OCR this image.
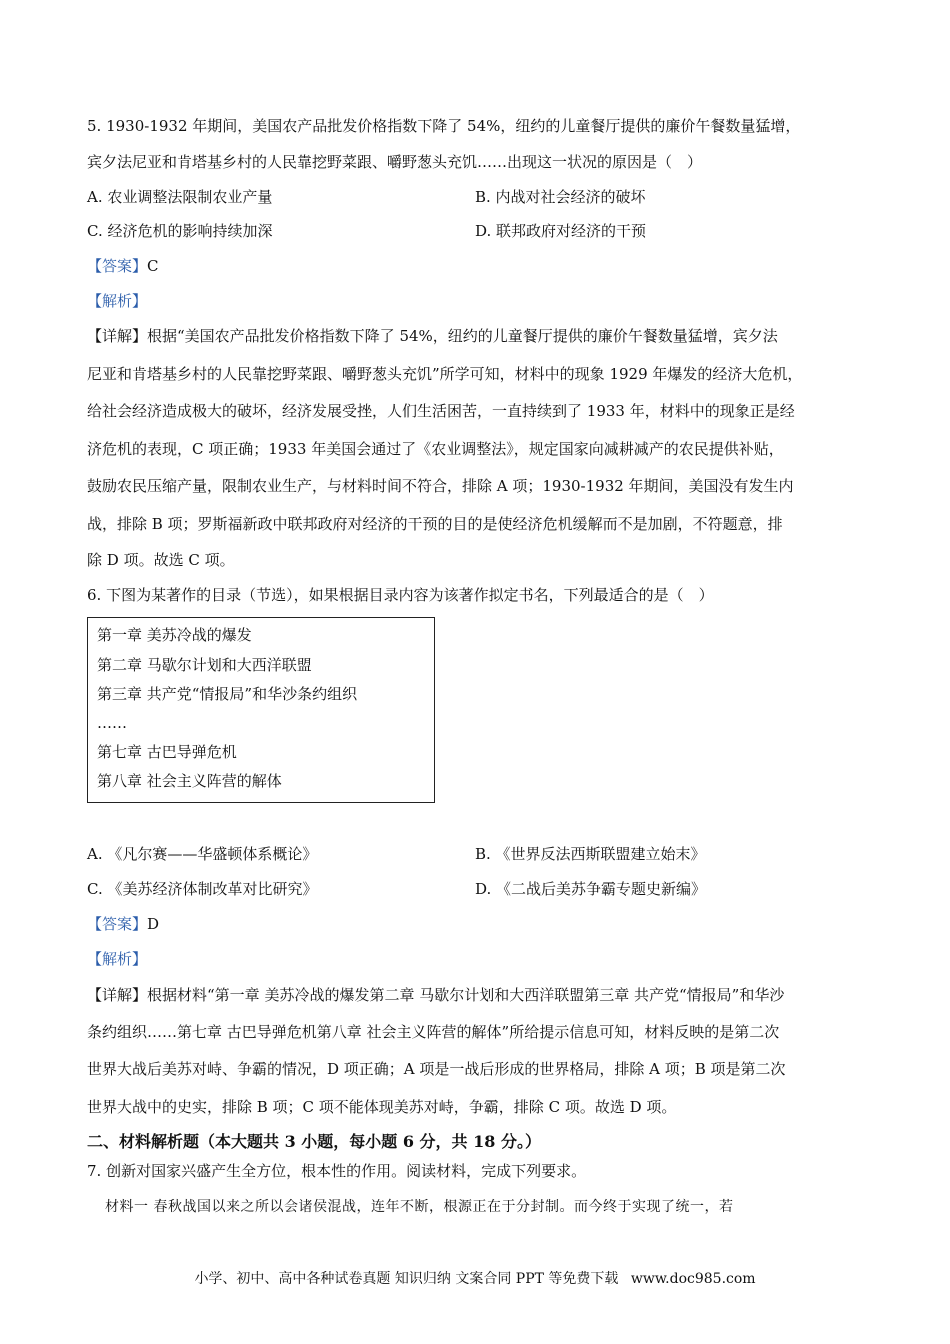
5. 1930-1932 年期间，美国农产品批发价格指数下降了 54%，纽约的儿童餐厅提供的廉价午餐数量猛增，
宾夕法尼亚和肯塔基乡村的人民靠挖野菜跟、嚼野葱头充饥……出现这一状况的原因是（　）
A. 农业调整法限制农业产量	B. 内战对社会经济的破坏
C. 经济危机的影响持续加深	D. 联邦政府对经济的干预
【答案】C
【解析】
【详解】根据“美国农产品批发价格指数下降了 54%，纽约的儿童餐厅提供的廉价午餐数量猛增，宾夕法
尼亚和肯塔基乡村的人民靠挖野菜跟、嚼野葱头充饥”所学可知，材料中的现象 1929 年爆发的经济大危机，
给社会经济造成极大的破坏，经济发展受挫，人们生活困苦，一直持续到了 1933 年，材料中的现象正是经
济危机的表现，C 项正确；1933 年美国会通过了《农业调整法》，规定国家向减耕减产的农民提供补贴，
鼓励农民压缩产量，限制农业生产，与材料时间不符合，排除 A 项；1930-1932 年期间，美国没有发生内
战，排除 B 项；罗斯福新政中联邦政府对经济的干预的目的是使经济危机缓解而不是加剧，不符题意，排
除 D 项。故选 C 项。
6. 下图为某著作的目录（节选），如果根据目录内容为该著作拟定书名，下列最适合的是（　）
第一章 美苏冷战的爆发
第二章 马歇尔计划和大西洋联盟
第三章 共产党“情报局”和华沙条约组织
……
第七章 古巴导弹危机
第八章 社会主义阵营的解体
A. 《凡尔赛——华盛顿体系概论》	B. 《世界反法西斯联盟建立始末》
C. 《美苏经济体制改革对比研究》	D. 《二战后美苏争霸专题史新编》
【答案】D
【解析】
【详解】根据材料“第一章 美苏冷战的爆发第二章 马歇尔计划和大西洋联盟第三章 共产党“情报局”和华沙
条约组织……第七章 古巴导弹危机第八章 社会主义阵营的解体”所给提示信息可知，材料反映的是第二次
世界大战后美苏对峙、争霸的情况，D 项正确；A 项是一战后形成的世界格局，排除 A 项；B 项是第二次
世界大战中的史实，排除 B 项；C 项不能体现美苏对峙，争霸，排除 C 项。故选 D 项。
二、材料解析题（本大题共 3 小题，每小题 6 分，共 18 分。）
7. 创新对国家兴盛产生全方位，根本性的作用。阅读材料，完成下列要求。
材料一 春秋战国以来之所以会诸侯混战，连年不断，根源正在于分封制。而今终于实现了统一，若
小学、初中、高中各种试卷真题 知识归纳 文案合同 PPT 等免费下载 www.doc985.com
